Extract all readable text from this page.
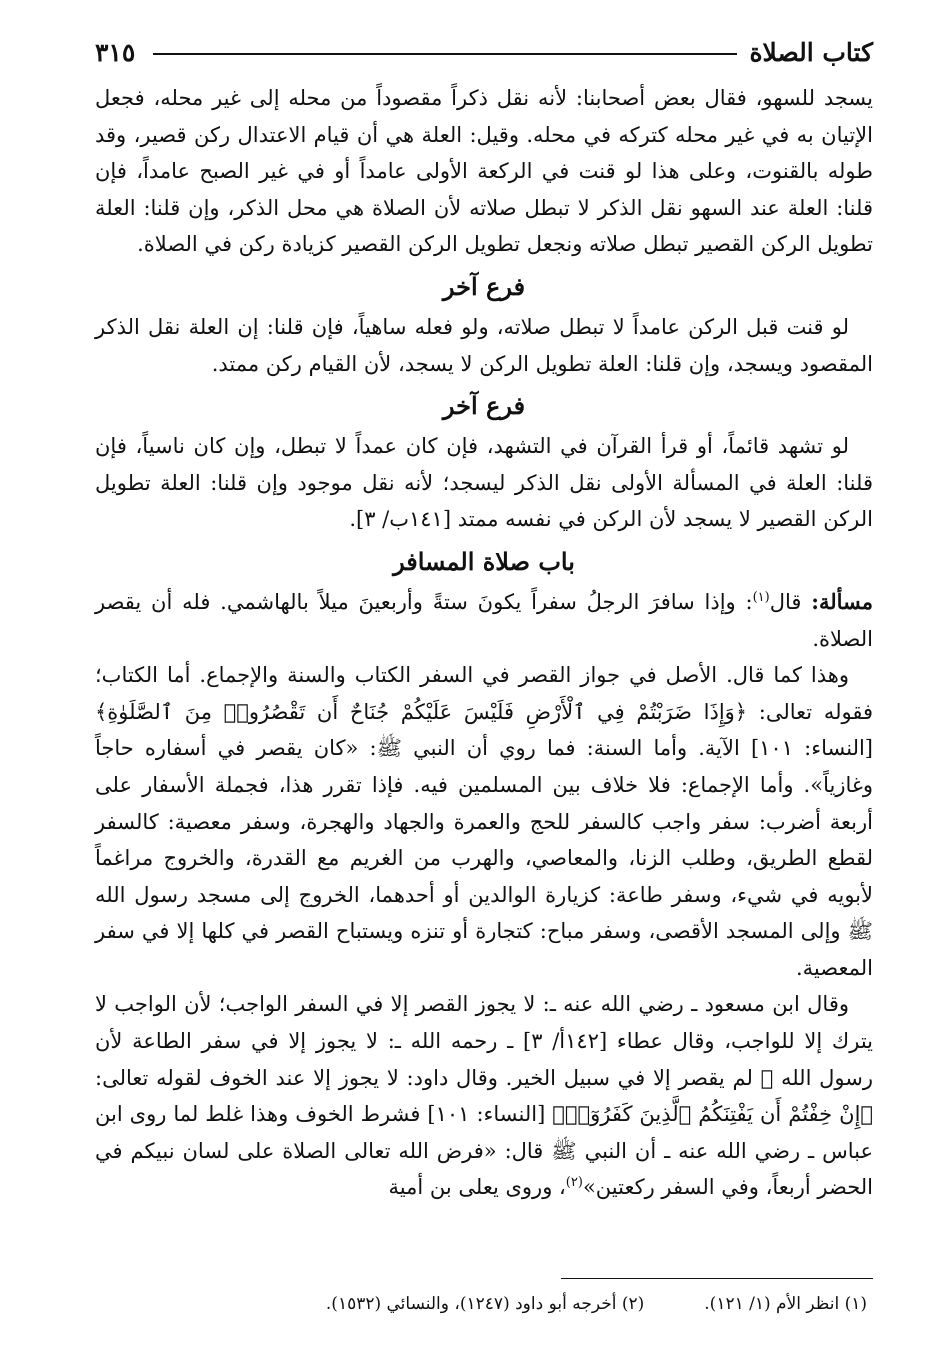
كتاب الصلاة
٣١٥

يسجد للسهو، فقال بعض أصحابنا: لأنه نقل ذكراً مقصوداً من محله إلى غير محله، فجعل الإتيان به في غير محله كتركه في محله. وقيل: العلة هي أن قيام الاعتدال ركن قصير، وقد طوله بالقنوت، وعلى هذا لو قنت في الركعة الأولى عامداً أو في غير الصبح عامداً، فإن قلنا: العلة عند السهو نقل الذكر لا تبطل صلاته لأن الصلاة هي محل الذكر، وإن قلنا: العلة تطويل الركن القصير تبطل صلاته ونجعل تطويل الركن القصير كزيادة ركن في الصلاة.

فرع آخر

لو قنت قبل الركن عامداً لا تبطل صلاته، ولو فعله ساهياً، فإن قلنا: إن العلة نقل الذكر المقصود ويسجد، وإن قلنا: العلة تطويل الركن لا يسجد، لأن القيام ركن ممتد.

فرع آخر

لو تشهد قائماً، أو قرأ القرآن في التشهد، فإن كان عمداً لا تبطل، وإن كان ناسياً، فإن قلنا: العلة في المسألة الأولى نقل الذكر ليسجد؛ لأنه نقل موجود وإن قلنا: العلة تطويل الركن القصير لا يسجد لأن الركن في نفسه ممتد [١٤١ب/ ٣].

باب صلاة المسافر

مسألة: قال$^{(١)}$: وإذا سافرَ الرجلُ سفراً يكونَ ستةً وأربعينَ ميلاً بالهاشمي. فله أن يقصر الصلاة.

وهذا كما قال. الأصل في جواز القصر في السفر الكتاب والسنة والإجماع. أما الكتاب؛ فقوله تعالى: ﴿وَإِذَا ضَرَبْتُمْ فِي ٱلْأَرْضِ فَلَيْسَ عَلَيْكُمْ جُنَاحٌ أَن تَقْصُرُوا۟ مِنَ ٱلصَّلَوٰةِ﴾ [النساء: ١٠١] الآية. وأما السنة: فما روي أن النبي ﷺ: «كان يقصر في أسفاره حاجاً وغازياً». وأما الإجماع: فلا خلاف بين المسلمين فيه. فإذا تقرر هذا، فجملة الأسفار على أربعة أضرب: سفر واجب كالسفر للحج والعمرة والجهاد والهجرة، وسفر معصية: كالسفر لقطع الطريق، وطلب الزنا، والمعاصي، والهرب من الغريم مع القدرة، والخروج مراغماً لأبويه في شيء، وسفر طاعة: كزيارة الوالدين أو أحدهما، الخروج إلى مسجد رسول الله ﷺ وإلى المسجد الأقصى، وسفر مباح: كتجارة أو تنزه ويستباح القصر في كلها إلا في سفر المعصية.

وقال ابن مسعود ـ رضي الله عنه ـ: لا يجوز القصر إلا في السفر الواجب؛ لأن الواجب لا يترك إلا للواجب، وقال عطاء [١٤٢أ/ ٣] ـ رحمه الله ـ: لا يجوز إلا في سفر الطاعة لأن رسول الله ﷺ لم يقصر إلا في سبيل الخير. وقال داود: لا يجوز إلا عند الخوف لقوله تعالى: ﴿إِنْ خِفْتُمْ أَن يَفْتِنَكُمُ ٱلَّذِينَ كَفَرُوٓا۟﴾ [النساء: ١٠١] فشرط الخوف وهذا غلط لما روى ابن عباس ـ رضي الله عنه ـ أن النبي ﷺ قال: «فرض الله تعالى الصلاة على لسان نبيكم في الحضر أربعاً، وفي السفر ركعتين»$^{(٢)}$، وروى يعلى بن أمية

(١) انظر الأم (١/ ١٢١).
(٢) أخرجه أبو داود (١٢٤٧)، والنسائي (١٥٣٢).
